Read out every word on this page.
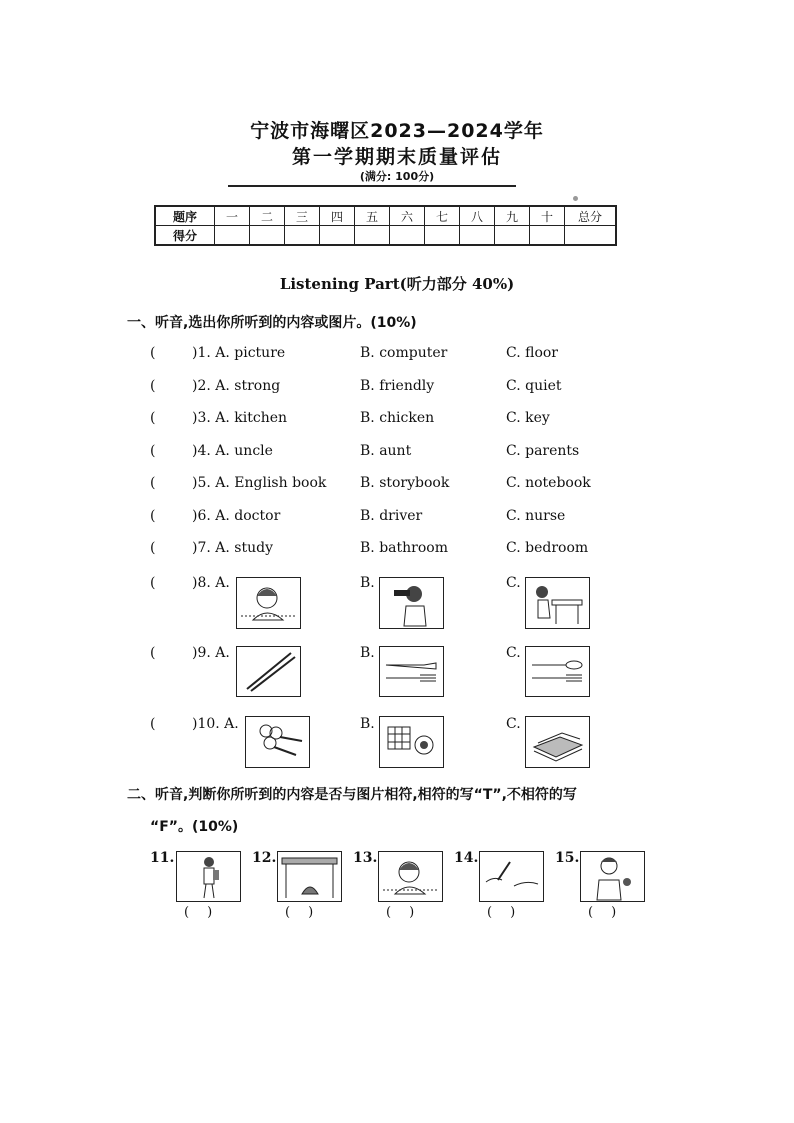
宁波市海曙区2023—2024学年
第一学期期末质量评估
(满分: 100分)
题序	一	二	三	四	五	六	七	八	九	十	总分
得分											
Listening Part(听力部分 40%)
一、听音,选出你所听到的内容或图片。(10%)
(	)1. A. picture	B. computer	C. floor
(	)2. A. strong	B. friendly	C. quiet
(	)3. A. kitchen	B. chicken	C. key
(	)4. A. uncle	B. aunt	C. parents
(	)5. A. English book B. storybook	C. notebook
(	)6. A. doctor	B. driver	C. nurse
(	)7. A. study	B. bathroom	C. bedroom
(	)8. A.	B.	C.
(	)9. A.	B.	C.
(	)10. A.	B.	C.
二、听音,判断你所听到的内容是否与图片相符,相符的写“T”,不相符的写
“F”。(10%)
11.
()
12.
()
13.
()
14.
()
15.
()
